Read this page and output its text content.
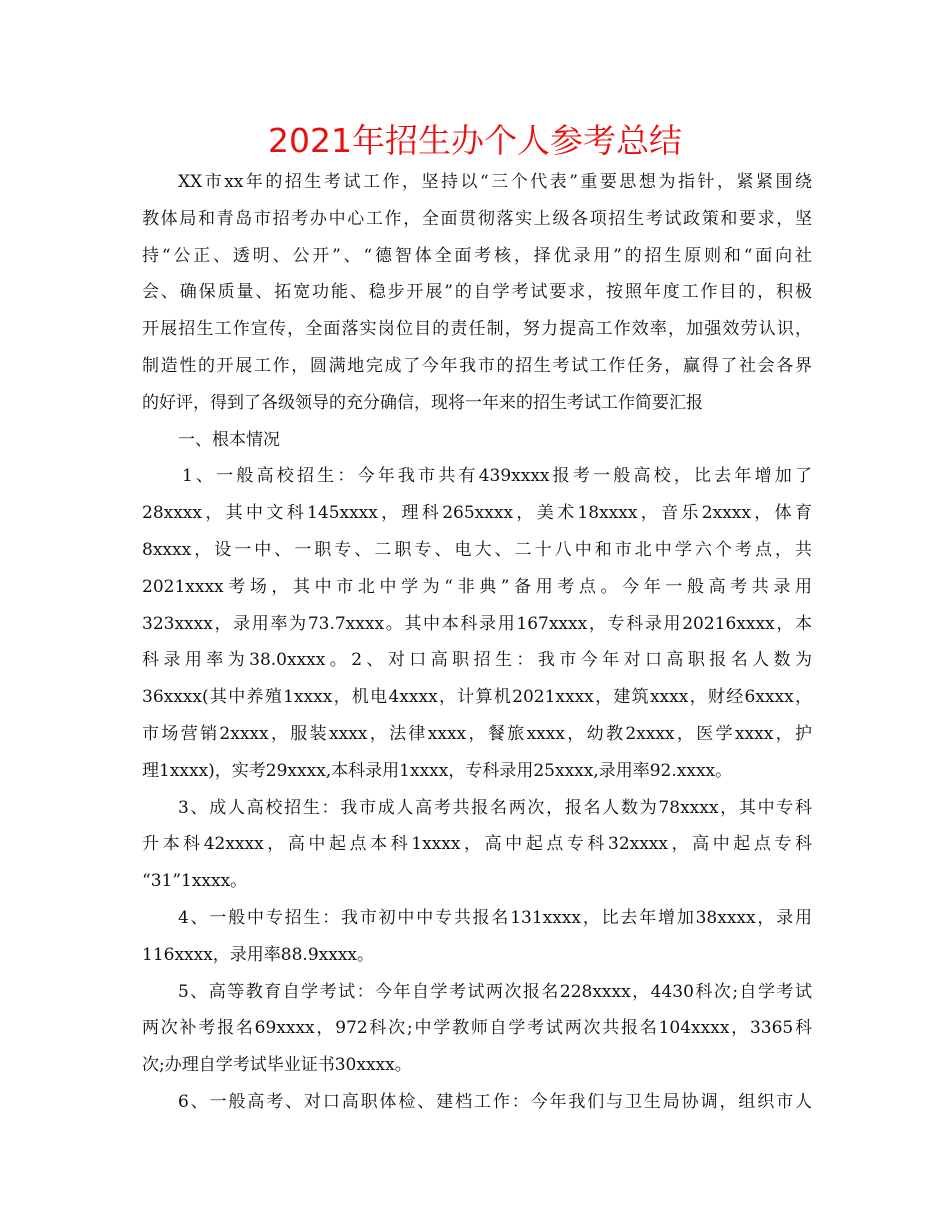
2021年招生办个人参考总结
XX市xx年的招生考试工作，坚持以“三个代表”重要思想为指针，紧紧围绕
教体局和青岛市招考办中心工作，全面贯彻落实上级各项招生考试政策和要求，坚
持“公正、透明、公开”、“德智体全面考核，择优录用”的招生原则和“面向社
会、确保质量、拓宽功能、稳步开展”的自学考试要求，按照年度工作目的，积极
开展招生工作宣传，全面落实岗位目的责任制，努力提高工作效率，加强效劳认识，
制造性的开展工作，圆满地完成了今年我市的招生考试工作任务，赢得了社会各界
的好评，得到了各级领导的充分确信，现将一年来的招生考试工作简要汇报
一、根本情况
1、一般高校招生：今年我市共有439xxxx报考一般高校，比去年增加了
28xxxx，其中文科145xxxx，理科265xxxx，美术18xxxx，音乐2xxxx，体育
8xxxx，设一中、一职专、二职专、电大、二十八中和市北中学六个考点，共
2021xxxx考场，其中市北中学为“非典”备用考点。今年一般高考共录用
323xxxx，录用率为73.7xxxx。其中本科录用167xxxx，专科录用20216xxxx，本
科录用率为38.0xxxx。2、对口高职招生：我市今年对口高职报名人数为
36xxxx(其中养殖1xxxx，机电4xxxx，计算机2021xxxx，建筑xxxx，财经6xxxx，
市场营销2xxxx，服装xxxx，法律xxxx，餐旅xxxx，幼教2xxxx，医学xxxx，护
理1xxxx)，实考29xxxx,本科录用1xxxx，专科录用25xxxx,录用率92.xxxx。
3、成人高校招生：我市成人高考共报名两次，报名人数为78xxxx，其中专科
升本科42xxxx，高中起点本科1xxxx，高中起点专科32xxxx，高中起点专科
“31”1xxxx。
4、一般中专招生：我市初中中专共报名131xxxx，比去年增加38xxxx，录用
116xxxx，录用率88.9xxxx。
5、高等教育自学考试：今年自学考试两次报名228xxxx，4430科次;自学考试
两次补考报名69xxxx，972科次;中学教师自学考试两次共报名104xxxx，3365科
次;办理自学考试毕业证书30xxxx。
6、一般高考、对口高职体检、建档工作：今年我们与卫生局协调，组织市人
